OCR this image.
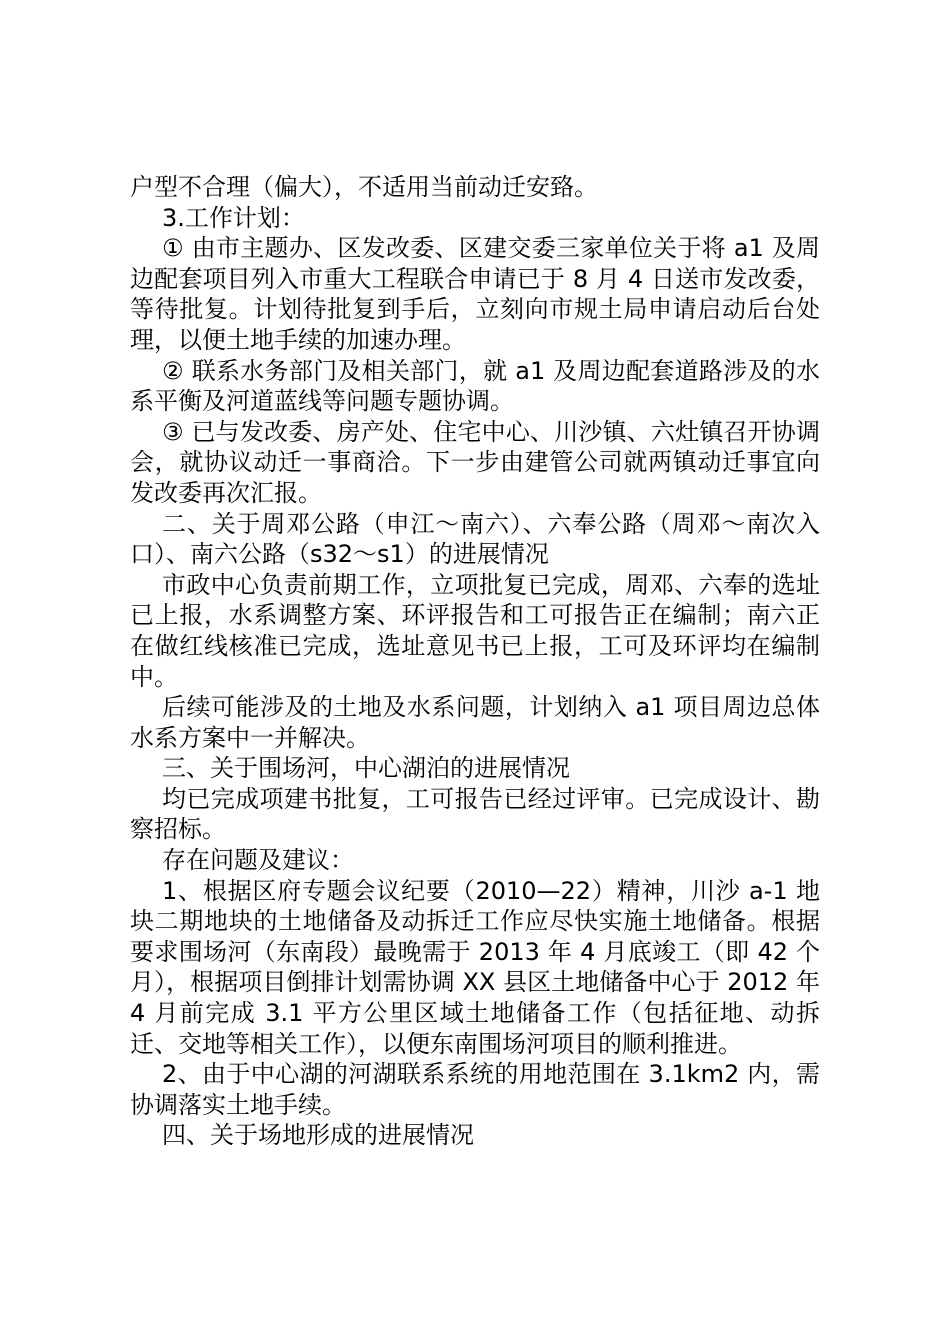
户型不合理（偏大），不适用当前动迁安臵。

3.工作计划：

① 由市主题办、区发改委、区建交委三家单位关于将 a1 及周边配套项目列入市重大工程联合申请已于 8 月 4 日送市发改委，等待批复。计划待批复到手后，立刻向市规土局申请启动后台处理，以便土地手续的加速办理。

② 联系水务部门及相关部门，就 a1 及周边配套道路涉及的水系平衡及河道蓝线等问题专题协调。

③ 已与发改委、房产处、住宅中心、川沙镇、六灶镇召开协调会，就协议动迁一事商洽。下一步由建管公司就两镇动迁事宜向发改委再次汇报。

二、关于周邓公路（申江～南六）、六奉公路（周邓～南次入口）、南六公路（s32～s1）的进展情况

市政中心负责前期工作，立项批复已完成，周邓、六奉的选址已上报，水系调整方案、环评报告和工可报告正在编制；南六正在做红线核准已完成，选址意见书已上报，工可及环评均在编制中。

后续可能涉及的土地及水系问题，计划纳入 a1 项目周边总体水系方案中一并解决。

三、关于围场河，中心湖泊的进展情况

均已完成项建书批复，工可报告已经过评审。已完成设计、勘察招标。

存在问题及建议：

1、根据区府专题会议纪要（2010—22）精神，川沙 a-1 地块二期地块的土地储备及动拆迁工作应尽快实施土地储备。根据要求围场河（东南段）最晚需于 2013 年 4 月底竣工（即 42 个月），根据项目倒排计划需协调 XX 县区土地储备中心于 2012 年 4 月前完成 3.1 平方公里区域土地储备工作（包括征地、动拆迁、交地等相关工作），以便东南围场河项目的顺利推进。

2、由于中心湖的河湖联系系统的用地范围在 3.1km2 内，需协调落实土地手续。

四、关于场地形成的进展情况
